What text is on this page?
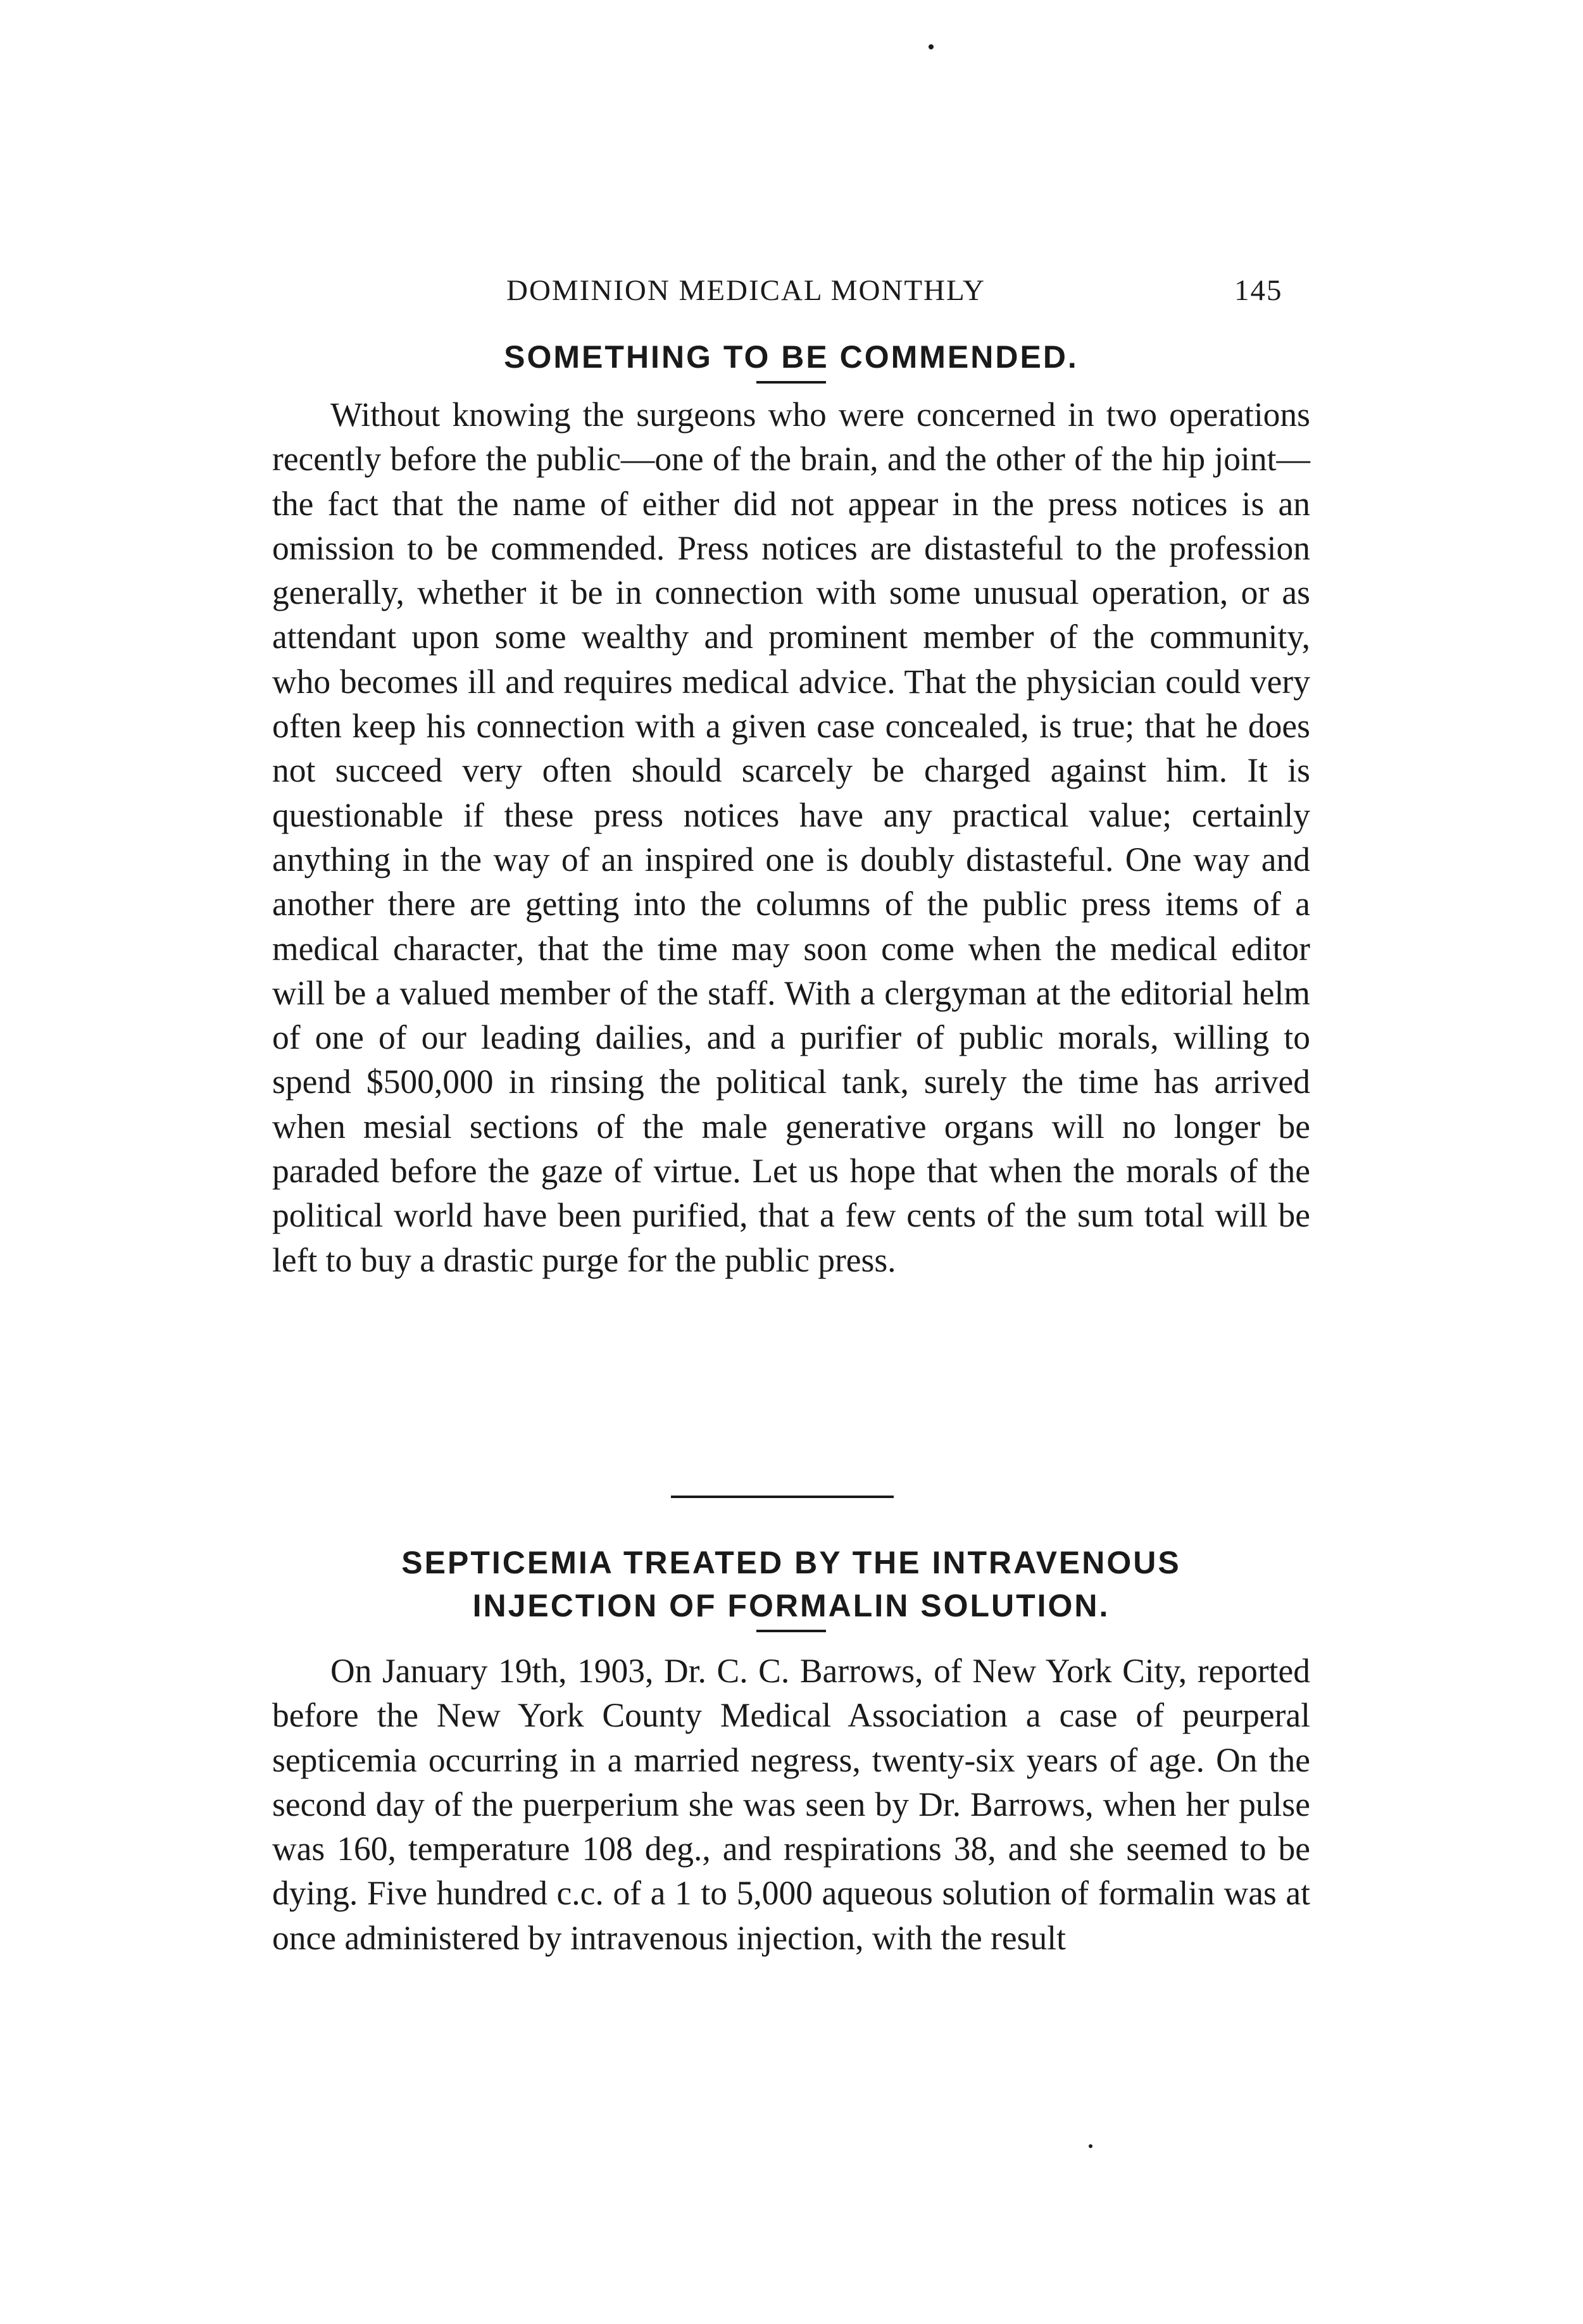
DOMINION MEDICAL MONTHLY	145
SOMETHING TO BE COMMENDED.

Without knowing the surgeons who were concerned in two operations recently before the public—one of the brain, and the other of the hip joint—the fact that the name of either did not appear in the press notices is an omission to be commended. Press notices are distasteful to the profession generally, whether it be in connection with some unusual operation, or as attendant upon some wealthy and prominent member of the community, who becomes ill and requires medical advice. That the physician could very often keep his connection with a given case concealed, is true; that he does not succeed very often should scarcely be charged against him. It is questionable if these press notices have any practical value; certainly anything in the way of an inspired one is doubly distasteful. One way and another there are getting into the columns of the public press items of a medical character, that the time may soon come when the medical editor will be a valued member of the staff. With a clergyman at the editorial helm of one of our leading dailies, and a purifier of public morals, willing to spend $500,000 in rinsing the political tank, surely the time has arrived when mesial sections of the male generative organs will no longer be paraded before the gaze of virtue. Let us hope that when the morals of the political world have been purified, that a few cents of the sum total will be left to buy a drastic purge for the public press.

SEPTICEMIA TREATED BY THE INTRAVENOUS
INJECTION OF FORMALIN SOLUTION.

On January 19th, 1903, Dr. C. C. Barrows, of New York City, reported before the New York County Medical Association a case of peurperal septicemia occurring in a married negress, twenty-six years of age. On the second day of the puerperium she was seen by Dr. Barrows, when her pulse was 160, temperature 108 deg., and respirations 38, and she seemed to be dying. Five hundred c.c. of a 1 to 5,000 aqueous solution of formalin was at once administered by intravenous injection, with the result
